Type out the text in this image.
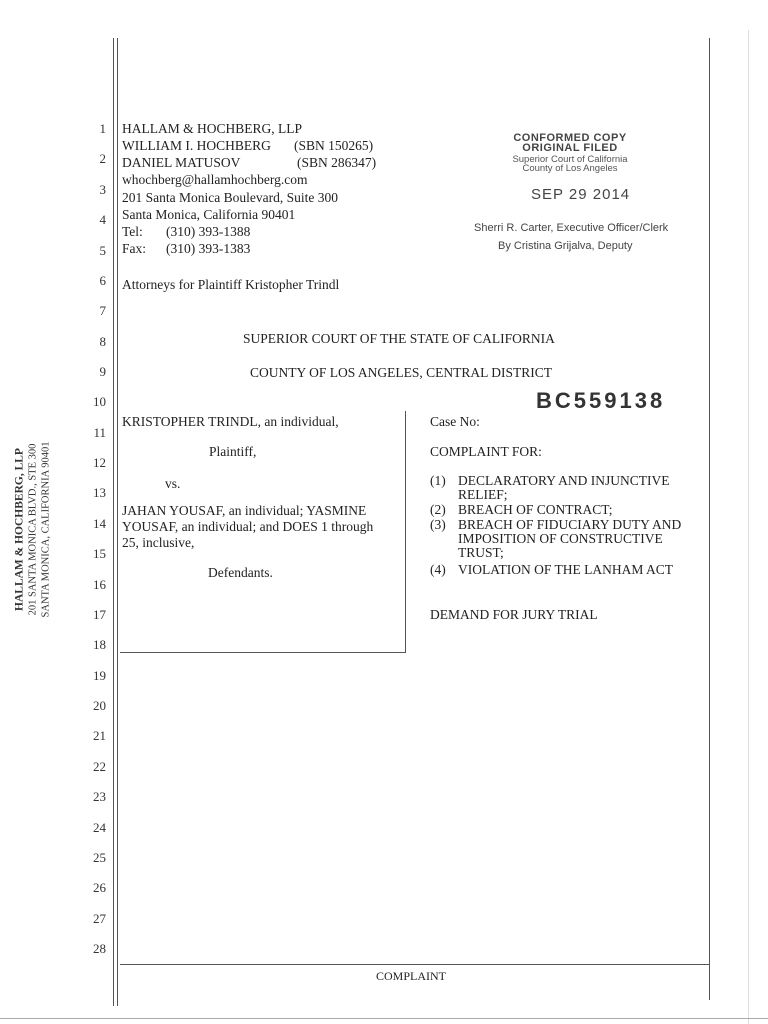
HALLAM & HOCHBERG, LLP 201 SANTA MONICA BLVD., STE 300 SANTA MONICA, CALIFORNIA 90401
1
2
3
4
5
6
7
8
9
10
11
12
13
14
15
16
17
18
19
20
21
22
23
24
25
26
27
28
HALLAM & HOCHBERG, LLP
WILLIAM I. HOCHBERG (SBN 150265)
DANIEL MATUSOV	(SBN 286347)
whochberg@hallamhochberg.com
201 Santa Monica Boulevard, Suite 300
Santa Monica, California 90401
Tel: (310) 393-1388
Fax: (310) 393-1383
Attorneys for Plaintiff Kristopher Trindl
CONFORMED COPY
ORIGINAL FILED
Superior Court of California
County of Los Angeles
SEP 29 2014
Sherri R. Carter, Executive Officer/Clerk
By Cristina Grijalva, Deputy
SUPERIOR COURT OF THE STATE OF CALIFORNIA
COUNTY OF LOS ANGELES, CENTRAL DISTRICT
BC559138
KRISTOPHER TRINDL, an individual,
Plaintiff,
vs.
JAHAN YOUSAF, an individual; YASMINE
YOUSAF, an individual; and DOES 1 through
25, inclusive,
Defendants.
Case No:
COMPLAINT FOR:
(1) DECLARATORY AND INJUNCTIVE
RELIEF;
(2) BREACH OF CONTRACT;
(3) BREACH OF FIDUCIARY DUTY AND
IMPOSITION OF CONSTRUCTIVE
TRUST;
(4) VIOLATION OF THE LANHAM ACT
DEMAND FOR JURY TRIAL
COMPLAINT
